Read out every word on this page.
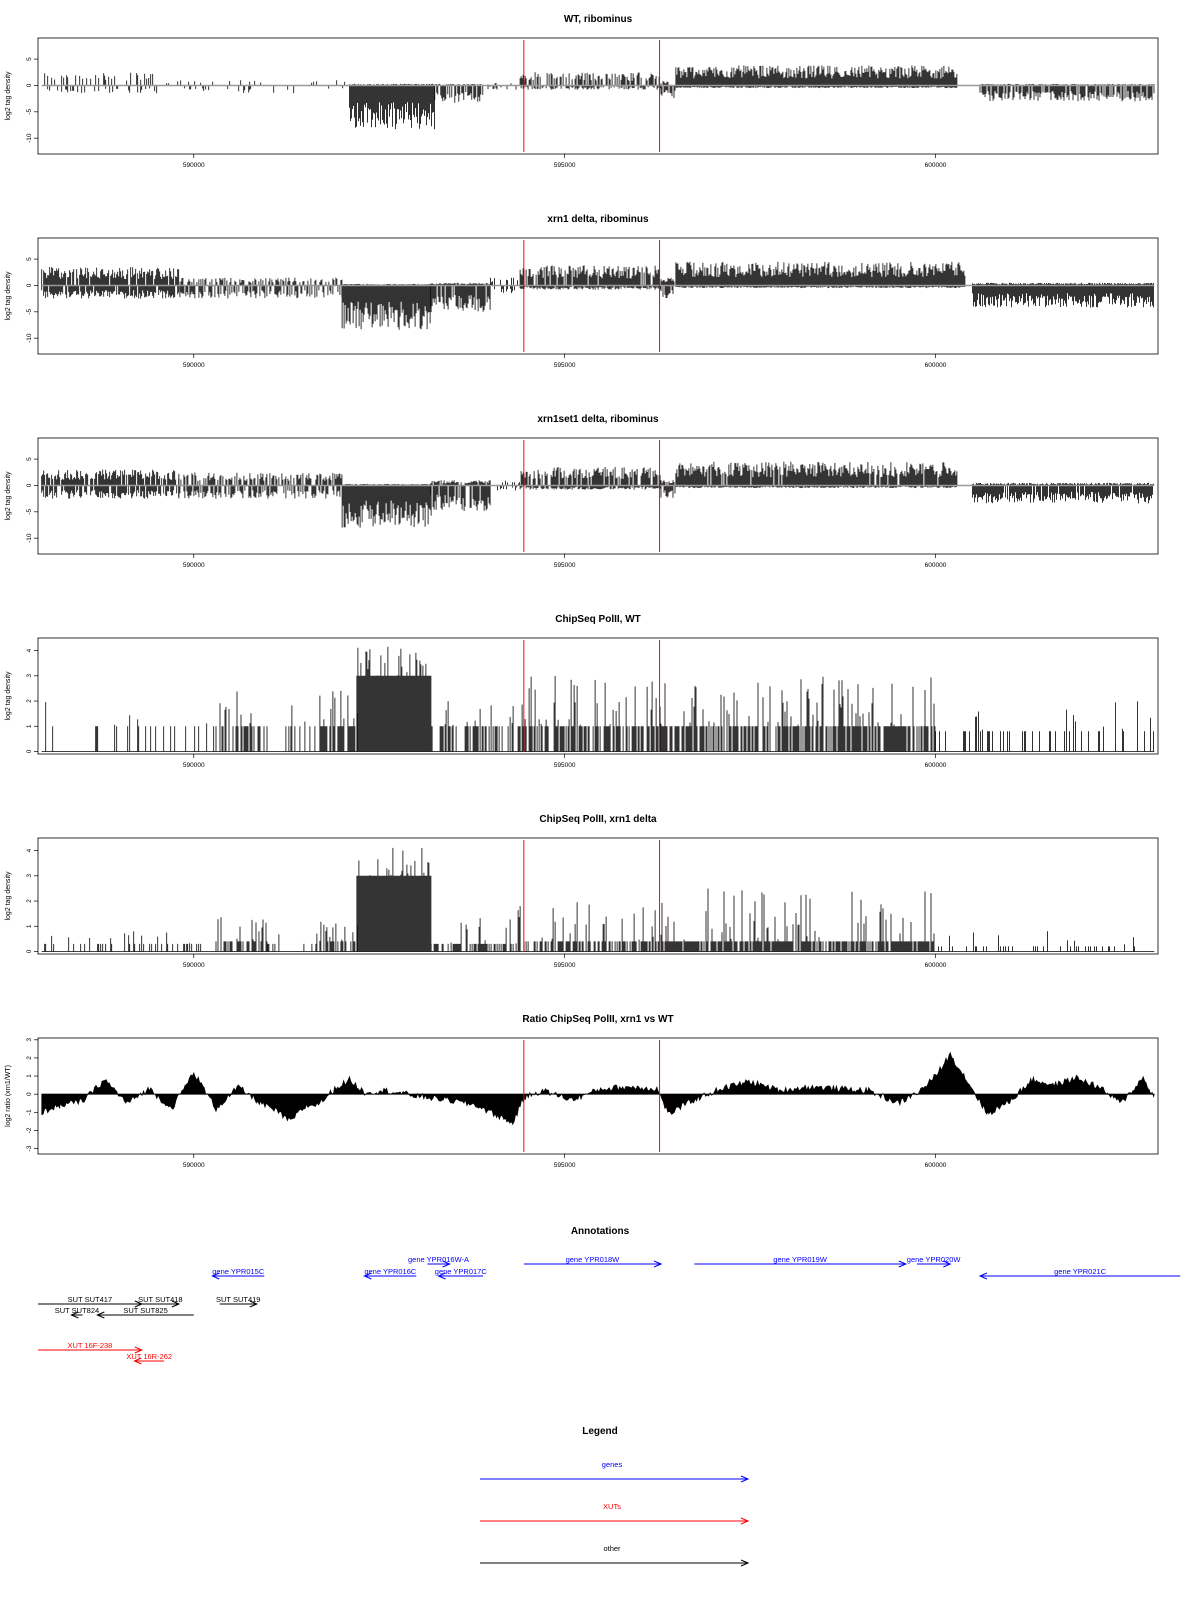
WT, ribominus
5
0
-5
-10
log2 tag density
590000	595000	600000
xrn1 delta, ribominus
5
0
-5
-10
log2 tag density
590000	595000	600000
xrn1set1 delta, ribominus
5
0
-5
-10
log2 tag density
590000	595000	600000
ChipSeq PolII, WT
0
1
2
3
4
log2 tag density
590000	595000	600000
ChipSeq PolII, xrn1 delta
0
1
2
3
4
log2 tag density
590000	595000	600000
Ratio ChipSeq PolII, xrn1 vs WT
3
2
1
0
-1
-2
-3
log2 ratio (xrn1/WT)
590000	595000	600000
Annotations
gene YPR015C
gene YPR016W-A
gene YPR016C gene YPR017C
gene YPR018W	gene YPR019W	gene YPR020W
gene YPR021C
SUT SUT417	SUT SUT418	SUT SUT419
SUT SUT824	SUT SUT825
XUT 16F-238
XUT 16R-262
Legend
genes
XUTs
other
